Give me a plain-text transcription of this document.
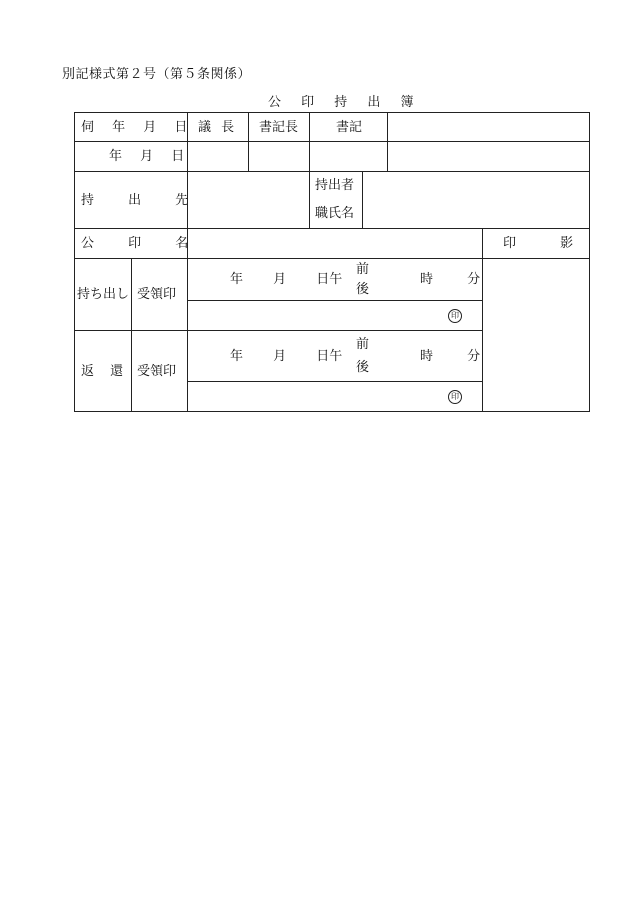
別記様式第２号（第５条関係）
公 印 持 出 簿
伺 年 月 日 議 長 書記長	書記
年 月 日
持 出 先
持出者
職氏名
公 印 名	印 影
持ち出し 受領印
年 月 日午
前
後
時 分
印
返 還 受領印
年 月 日午
前
後
時 分
印
